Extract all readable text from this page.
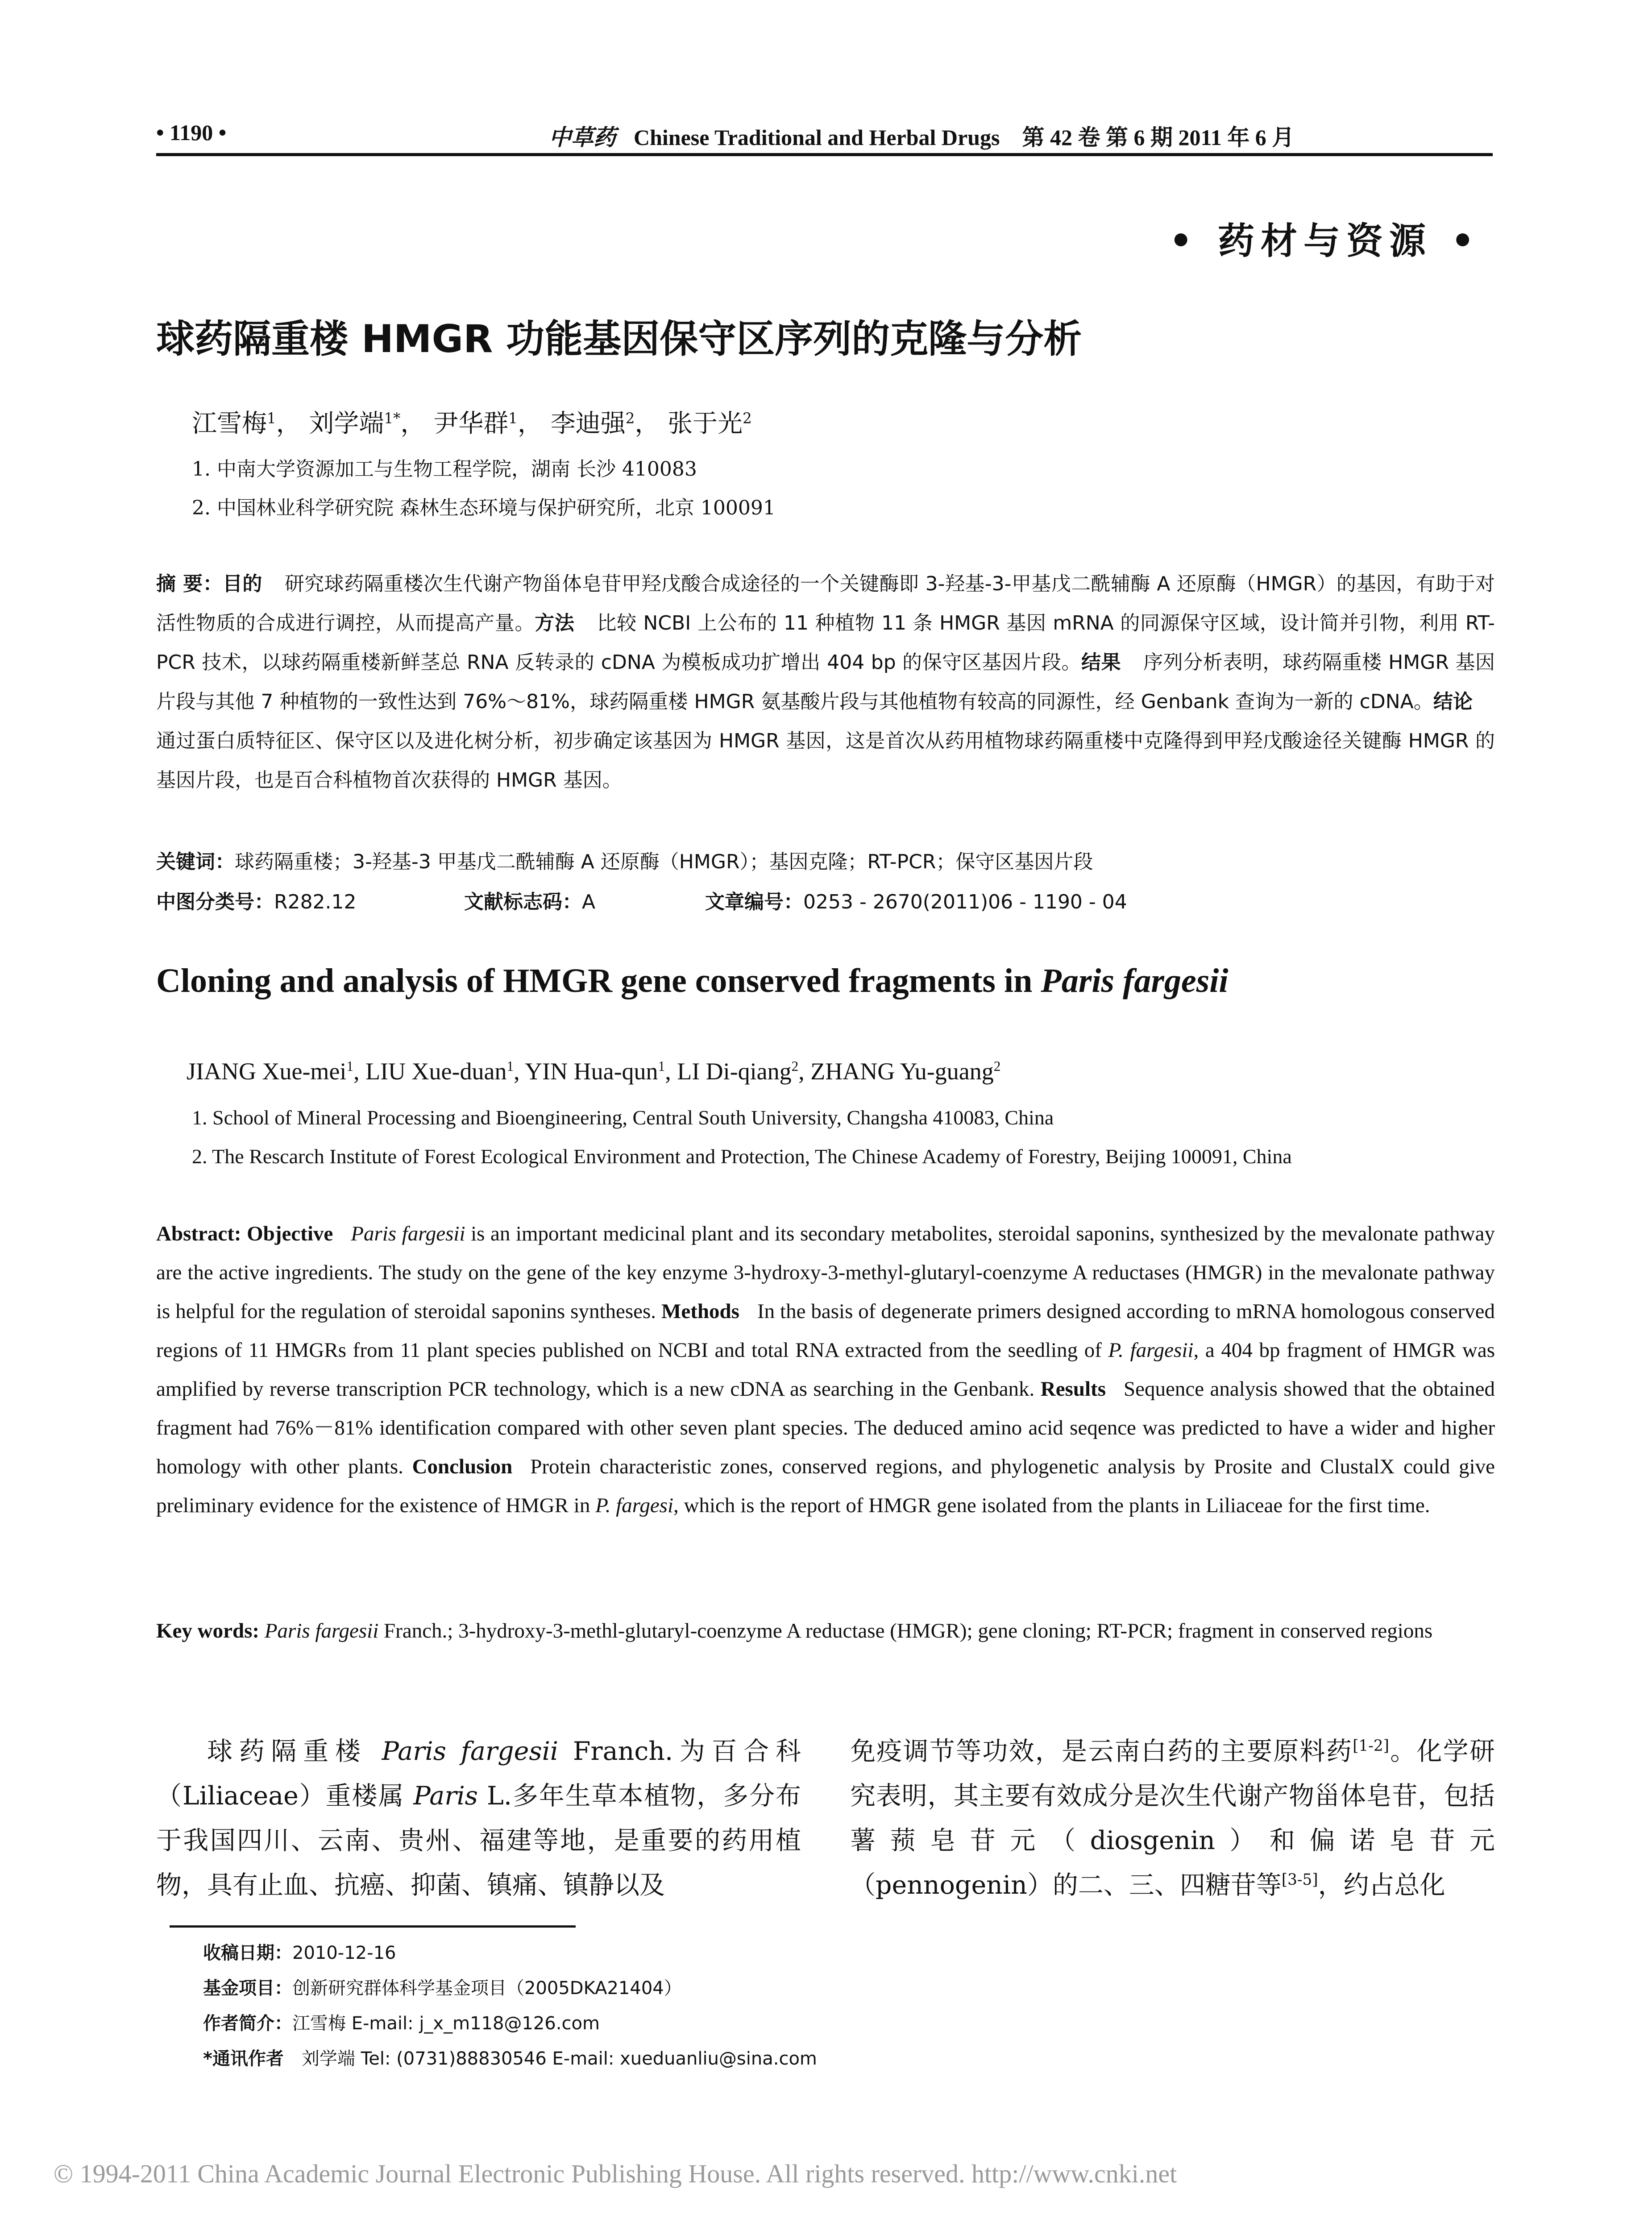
• 1190 •	中草药 Chinese Traditional and Herbal Drugs 第 42 卷 第 6 期 2011 年 6 月
• 药材与资源 •
球药隔重楼 HMGR 功能基因保守区序列的克隆与分析
江雪梅$^1$， 刘学端$^{1*}$， 尹华群$^1$， 李迪强$^2$， 张于光$^2$
1. 中南大学资源加工与生物工程学院，湖南 长沙 410083
2. 中国林业科学研究院 森林生态环境与保护研究所，北京 100091
摘 要：目的 研究球药隔重楼次生代谢产物甾体皂苷甲羟戊酸合成途径的一个关键酶即 3-羟基-3-甲基戊二酰辅酶 A 还原酶（HMGR）的基因，有助于对活性物质的合成进行调控，从而提高产量。方法 比较 NCBI 上公布的 11 种植物 11 条 HMGR 基因 mRNA 的同源保守区域，设计简并引物，利用 RT-PCR 技术，以球药隔重楼新鲜茎总 RNA 反转录的 cDNA 为模板成功扩增出 404 bp 的保守区基因片段。结果 序列分析表明，球药隔重楼 HMGR 基因片段与其他 7 种植物的一致性达到 76%～81%，球药隔重楼 HMGR 氨基酸片段与其他植物有较高的同源性，经 Genbank 查询为一新的 cDNA。结论通过蛋白质特征区、保守区以及进化树分析，初步确定该基因为 HMGR 基因，这是首次从药用植物球药隔重楼中克隆得到甲羟戊酸途径关键酶 HMGR 的基因片段，也是百合科植物首次获得的 HMGR 基因。
关键词：球药隔重楼；3-羟基-3 甲基戊二酰辅酶 A 还原酶（HMGR）；基因克隆；RT-PCR；保守区基因片段
中图分类号：R282.12	文献标志码：A	文章编号：0253 - 2670(2011)06 - 1190 - 04
Cloning and analysis of HMGR gene conserved fragments in Paris fargesii
JIANG Xue-mei$^1$, LIU Xue-duan$^1$, YIN Hua-qun$^1$, LI Di-qiang$^2$, ZHANG Yu-guang$^2$
1. School of Mineral Processing and Bioengineering, Central South University, Changsha 410083, China
2. The Rescarch Institute of Forest Ecological Environment and Protection, The Chinese Academy of Forestry, Beijing 100091, China
Abstract: Objective Paris fargesii is an important medicinal plant and its secondary metabolites, steroidal saponins, synthesized by the mevalonate pathway are the active ingredients. The study on the gene of the key enzyme 3-hydroxy-3-methyl-glutaryl-coenzyme A reductases (HMGR) in the mevalonate pathway is helpful for the regulation of steroidal saponins syntheses. Methods In the basis of degenerate primers designed according to mRNA homologous conserved regions of 11 HMGRs from 11 plant species published on NCBI and total RNA extracted from the seedling of P. fargesii, a 404 bp fragment of HMGR was amplified by reverse transcription PCR technology, which is a new cDNA as searching in the Genbank. Results Sequence analysis showed that the obtained fragment had 76%－81% identification compared with other seven plant species. The deduced amino acid seqence was predicted to have a wider and higher homology with other plants. Conclusion Protein characteristic zones, conserved regions, and phylogenetic analysis by Prosite and ClustalX could give preliminary evidence for the existence of HMGR in P. fargesi, which is the report of HMGR gene isolated from the plants in Liliaceae for the first time.
Key words: Paris fargesii Franch.; 3-hydroxy-3-methl-glutaryl-coenzyme A reductase (HMGR); gene cloning; RT-PCR; fragment in conserved regions
球药隔重楼 Paris fargesii Franch.为百合科（Liliaceae）重楼属 Paris L.多年生草本植物，多分布于我国四川、云南、贵州、福建等地，是重要的药用植物，具有止血、抗癌、抑菌、镇痛、镇静以及
免疫调节等功效，是云南白药的主要原料药[1-2]。化学研究表明，其主要有效成分是次生代谢产物甾体皂苷，包括薯蓣皂苷元（diosgenin）和偏诺皂苷元（pennogenin）的二、三、四糖苷等[3-5]，约占总化
收稿日期：2010-12-16
基金项目：创新研究群体科学基金项目（2005DKA21404）
作者简介：江雪梅 E-mail: j_x_m118@126.com
*通讯作者 刘学端 Tel: (0731)88830546 E-mail: xueduanliu@sina.com
© 1994-2011 China Academic Journal Electronic Publishing House. All rights reserved. http://www.cnki.net
